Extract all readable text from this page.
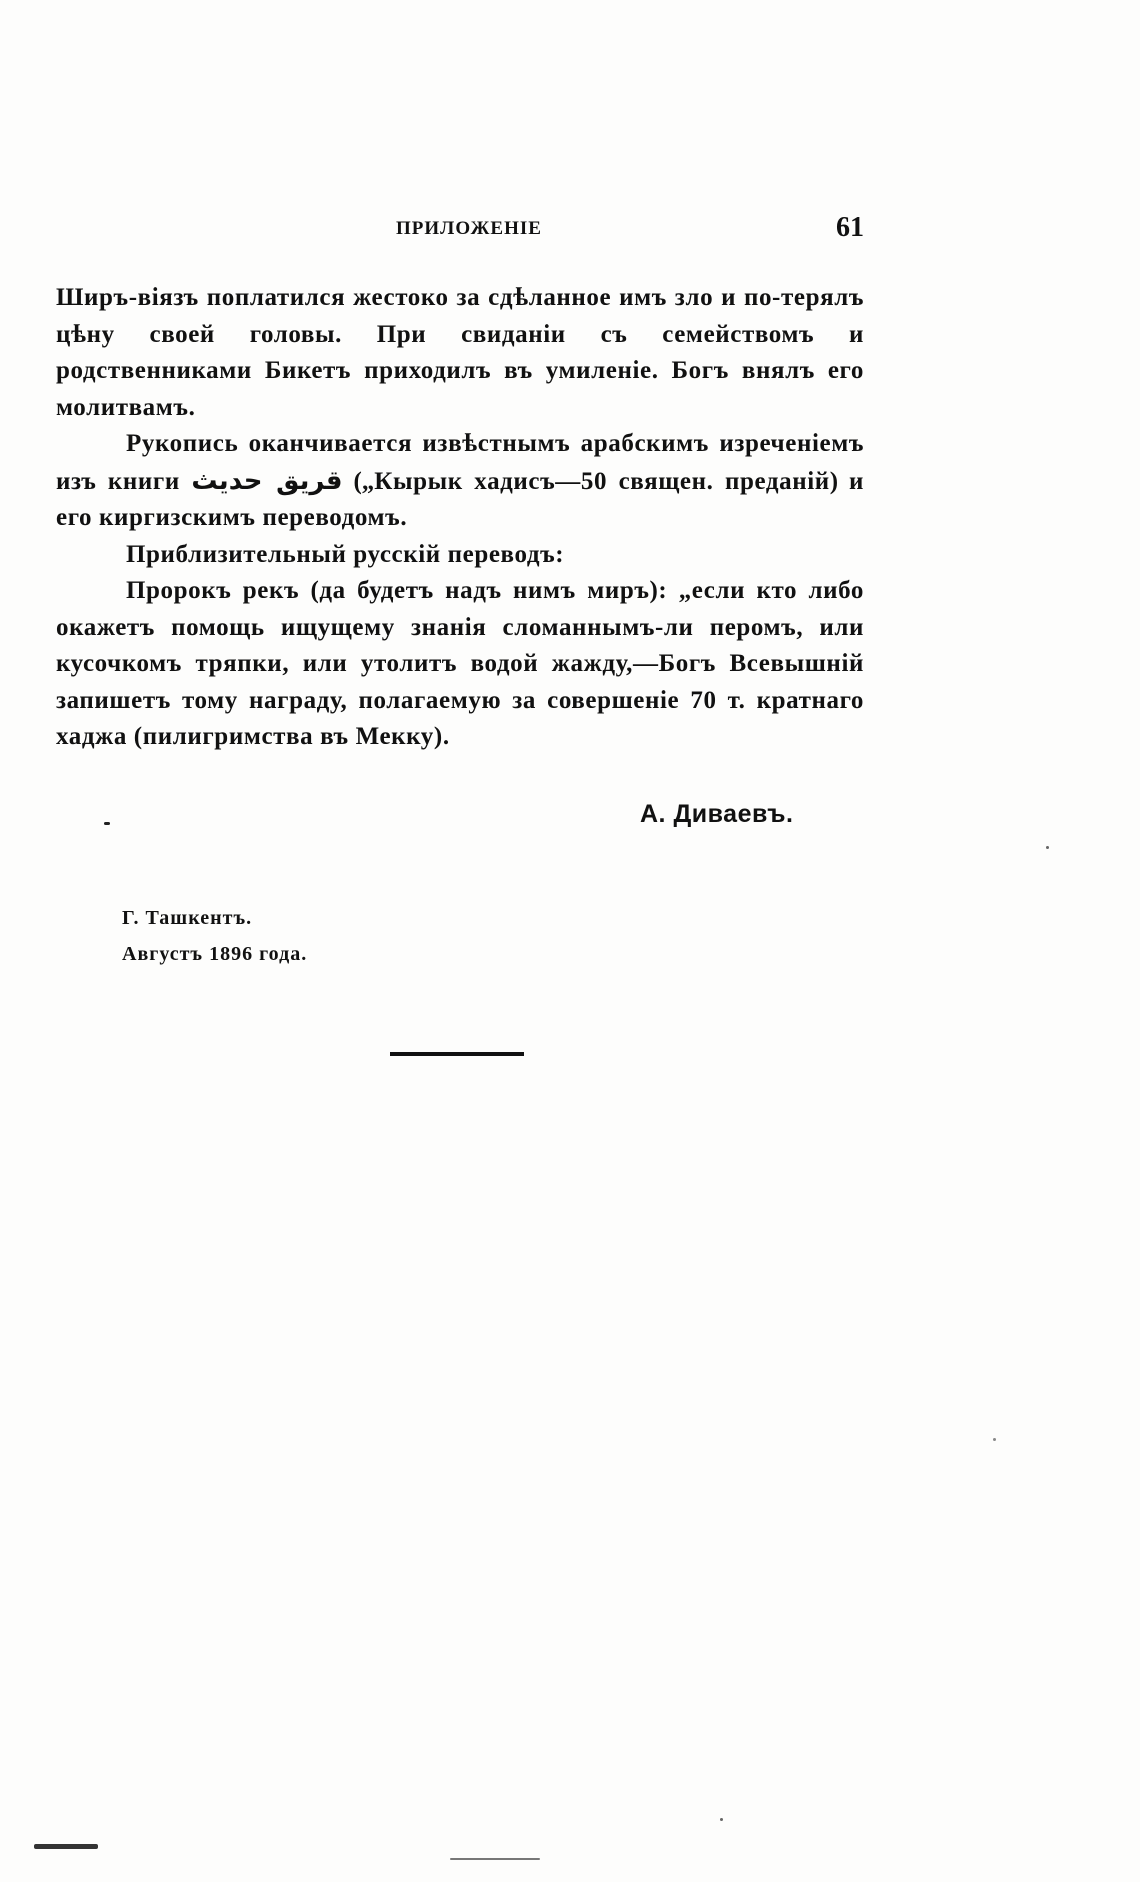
ПРИЛОЖЕНІЕ	61

Ширъ-віязъ поплатился жестоко за сдѣланное имъ зло и по-терялъ цѣну своей головы. При свиданіи съ семействомъ и родственниками Бикетъ приходилъ въ умиленіе. Богъ внялъ его молитвамъ.

Рукопись оканчивается извѣстнымъ арабскимъ изреченіемъ изъ книги قريق حديث („Кырык хадисъ—50 священ. преданій) и его киргизскимъ переводомъ.

Приблизительный русскій переводъ:

Пророкъ рекъ (да будетъ надъ нимъ миръ): „если кто либо окажетъ помощь ищущему знанія сломаннымъ-ли перомъ, или кусочкомъ тряпки, или утолитъ водой жажду,—Богъ Всевышній запишетъ тому награду, полагаемую за совершеніе 70 т. кратнаго хаджа (пилигримства въ Мекку).

А. Диваевъ.
Г. Ташкентъ.
Августъ 1896 года.
